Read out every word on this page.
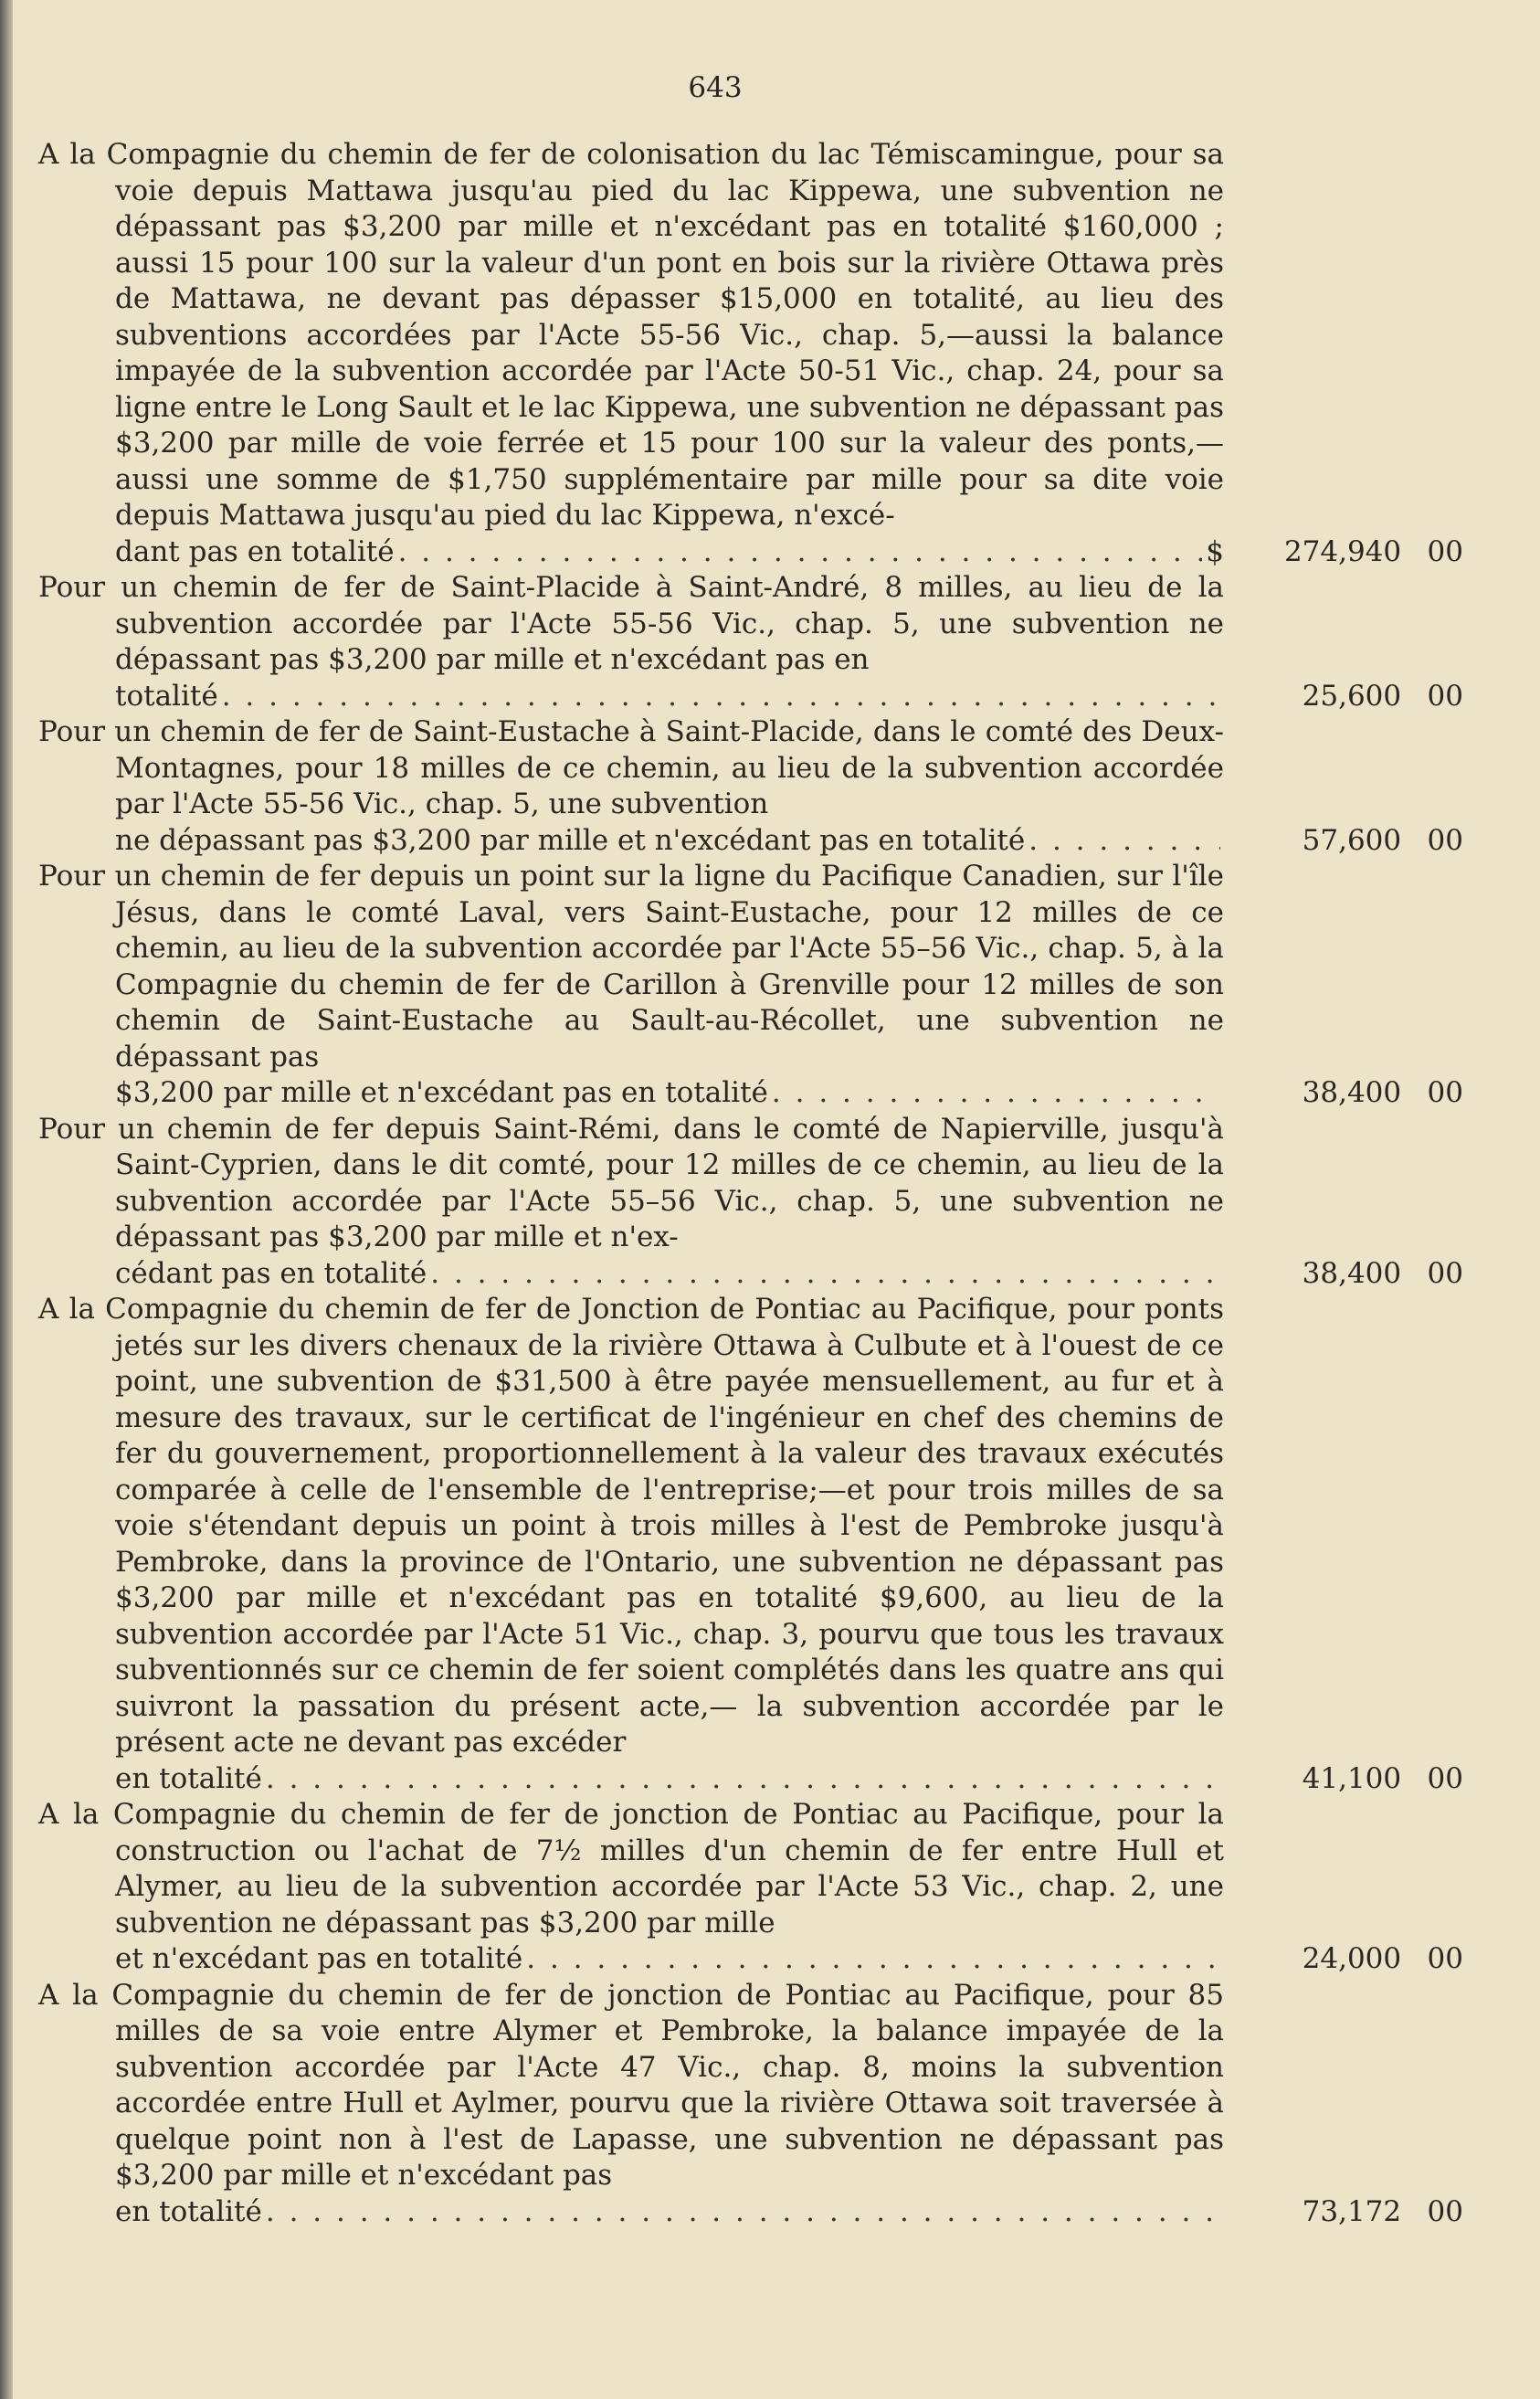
643
A la Compagnie du chemin de fer de colonisation du lac Témiscamingue, pour sa voie depuis Mattawa jusqu'au pied du lac Kippewa, une subvention ne dépassant pas $3,200 par mille et n'excédant pas en totalité $160,000 ; aussi 15 pour 100 sur la valeur d'un pont en bois sur la rivière Ottawa près de Mattawa, ne devant pas dépasser $15,000 en totalité, au lieu des subventions accordées par l'Acte 55-56 Vic., chap. 5,—aussi la balance impayée de la subvention accordée par l'Acte 50-51 Vic., chap. 24, pour sa ligne entre le Long Sault et le lac Kippewa, une subvention ne dépassant pas $3,200 par mille de voie ferrée et 15 pour 100 sur la valeur des ponts,—aussi une somme de $1,750 supplémentaire par mille pour sa dite voie depuis Mattawa jusqu'au pied du lac Kippewa, n'excé-
dant pas en totalité . . .	$	274,940 00
Pour un chemin de fer de Saint-Placide à Saint-André, 8 milles, au lieu de la subvention accordée par l'Acte 55-56 Vic., chap. 5, une subvention ne dépassant pas $3,200 par mille et n'excédant pas en
totalité . . .	25,600 00
Pour un chemin de fer de Saint-Eustache à Saint-Placide, dans le comté des Deux-Montagnes, pour 18 milles de ce chemin, au lieu de la subvention accordée par l'Acte 55-56 Vic., chap. 5, une subvention
ne dépassant pas $3,200 par mille et n'excédant pas en totalité . . .	57,600 00
Pour un chemin de fer depuis un point sur la ligne du Pacifique Canadien, sur l'île Jésus, dans le comté Laval, vers Saint-Eustache, pour 12 milles de ce chemin, au lieu de la subvention accordée par l'Acte 55–56 Vic., chap. 5, à la Compagnie du chemin de fer de Carillon à Grenville pour 12 milles de son chemin de Saint-Eustache au Sault-au-Récollet, une subvention ne dépassant pas
$3,200 par mille et n'excédant pas en totalité . . .	38,400 00
Pour un chemin de fer depuis Saint-Rémi, dans le comté de Napierville, jusqu'à Saint-Cyprien, dans le dit comté, pour 12 milles de ce chemin, au lieu de la subvention accordée par l'Acte 55–56 Vic., chap. 5, une subvention ne dépassant pas $3,200 par mille et n'ex-
cédant pas en totalité . . .	38,400 00
A la Compagnie du chemin de fer de Jonction de Pontiac au Pacifique, pour ponts jetés sur les divers chenaux de la rivière Ottawa à Culbute et à l'ouest de ce point, une subvention de $31,500 à être payée mensuellement, au fur et à mesure des travaux, sur le certificat de l'ingénieur en chef des chemins de fer du gouvernement, proportionnellement à la valeur des travaux exécutés comparée à celle de l'ensemble de l'entreprise;—et pour trois milles de sa voie s'étendant depuis un point à trois milles à l'est de Pembroke jusqu'à Pembroke, dans la province de l'Ontario, une subvention ne dépassant pas $3,200 par mille et n'excédant pas en totalité $9,600, au lieu de la subvention accordée par l'Acte 51 Vic., chap. 3, pourvu que tous les travaux subventionnés sur ce chemin de fer soient complétés dans les quatre ans qui suivront la passation du présent acte,— la subvention accordée par le présent acte ne devant pas excéder
en totalité . . .	41,100 00
A la Compagnie du chemin de fer de jonction de Pontiac au Pacifique, pour la construction ou l'achat de 7½ milles d'un chemin de fer entre Hull et Alymer, au lieu de la subvention accordée par l'Acte 53 Vic., chap. 2, une subvention ne dépassant pas $3,200 par mille
et n'excédant pas en totalité . . .	24,000 00
A la Compagnie du chemin de fer de jonction de Pontiac au Pacifique, pour 85 milles de sa voie entre Alymer et Pembroke, la balance impayée de la subvention accordée par l'Acte 47 Vic., chap. 8, moins la subvention accordée entre Hull et Aylmer, pourvu que la rivière Ottawa soit traversée à quelque point non à l'est de Lapasse, une subvention ne dépassant pas $3,200 par mille et n'excédant pas
en totalité . . .	73,172 00
